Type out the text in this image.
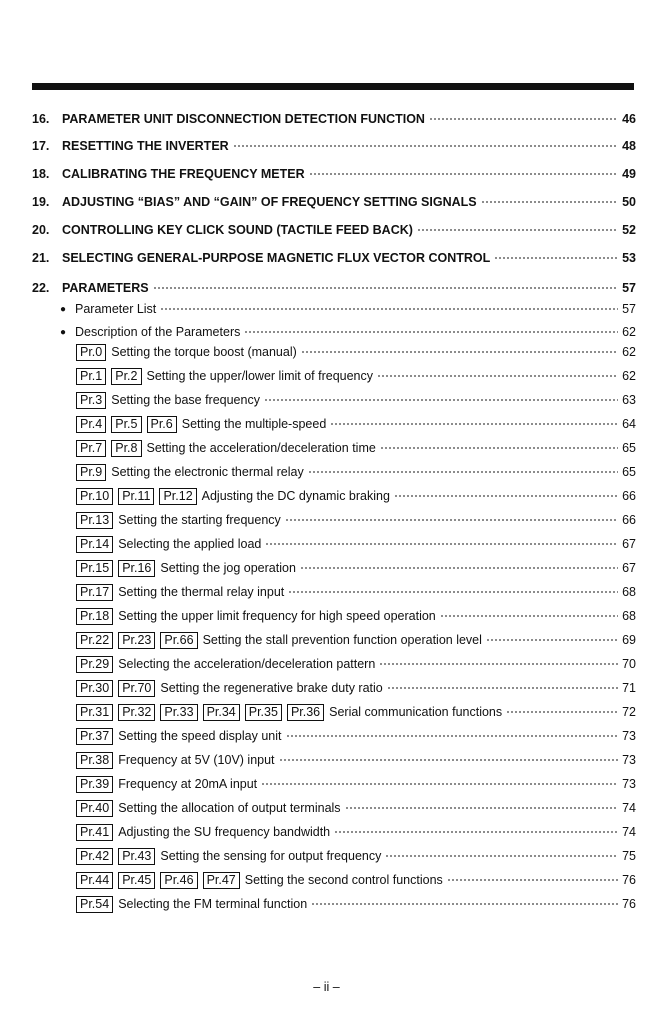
16.	PARAMETER UNIT DISCONNECTION DETECTION FUNCTION	46
17.	RESETTING THE INVERTER	48
18.	CALIBRATING THE FREQUENCY METER	49
19.	ADJUSTING “BIAS” AND “GAIN” OF FREQUENCY SETTING SIGNALS	50
20.	CONTROLLING KEY CLICK SOUND (TACTILE FEED BACK)	52
21.	SELECTING GENERAL-PURPOSE MAGNETIC FLUX VECTOR CONTROL	53
22.	PARAMETERS	57
● Parameter List	57
● Description of the Parameters	62
Pr.0 Setting the torque boost (manual)	62
Pr.1	Pr.2 Setting the upper/lower limit of frequency	62
Pr.3 Setting the base frequency	63
Pr.4	Pr.5	Pr.6 Setting the multiple-speed	64
Pr.7	Pr.8 Setting the acceleration/deceleration time	65
Pr.9 Setting the electronic thermal relay	65
Pr.10	Pr.11	Pr.12 Adjusting the DC dynamic braking	66
Pr.13 Setting the starting frequency	66
Pr.14 Selecting the applied load	67
Pr.15	Pr.16 Setting the jog operation	67
Pr.17 Setting the thermal relay input	68
Pr.18 Setting the upper limit frequency for high speed operation	68
Pr.22	Pr.23	Pr.66 Setting the stall prevention function operation level	69
Pr.29 Selecting the acceleration/deceleration pattern	70
Pr.30	Pr.70 Setting the regenerative brake duty ratio	71
Pr.31	Pr.32	Pr.33	Pr.34	Pr.35	Pr.36 Serial communication functions	72
Pr.37 Setting the speed display unit	73
Pr.38 Frequency at 5V (10V) input	73
Pr.39 Frequency at 20mA input	73
Pr.40 Setting the allocation of output terminals	74
Pr.41 Adjusting the SU frequency bandwidth	74
Pr.42	Pr.43 Setting the sensing for output frequency	75
Pr.44	Pr.45	Pr.46	Pr.47 Setting the second control functions	76
Pr.54 Selecting the FM terminal function	76
– ii –
